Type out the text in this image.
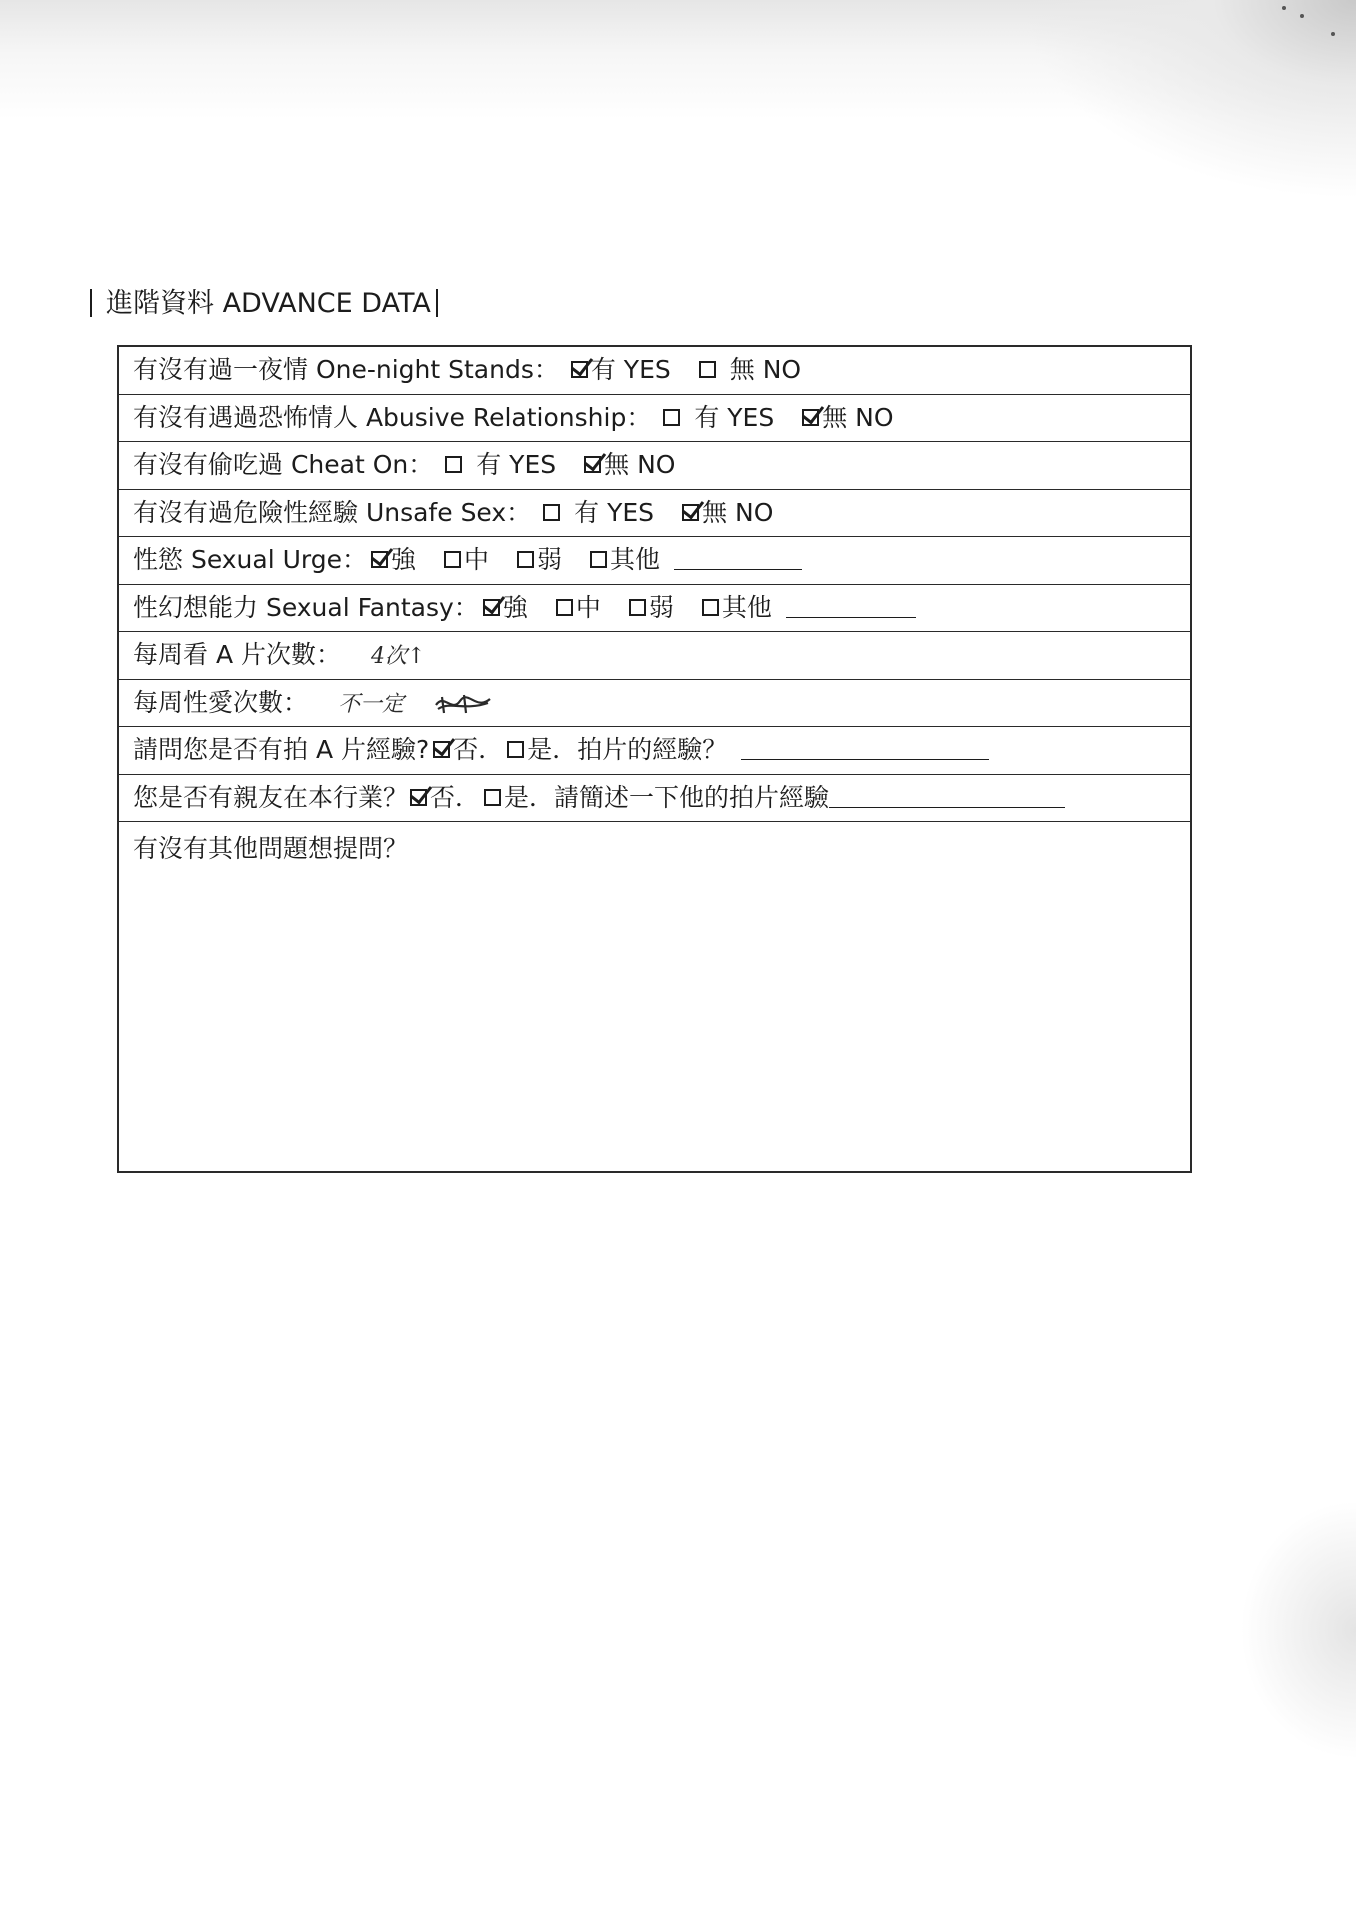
進階資料 ADVANCE DATA
有沒有過一夜情 One-night Stands： 有 YES 無 NO
有沒有遇過恐怖情人 Abusive Relationship： 有 YES 無 NO
有沒有偷吃過 Cheat On： 有 YES 無 NO
有沒有過危險性經驗 Unsafe Sex： 有 YES 無 NO
性慾 Sexual Urge： 強 中 弱 其他
性幻想能力 Sexual Fantasy： 強 中 弱 其他
每周看 A 片次數： 4次↑
每周性愛次數： 不一定
請問您是否有拍 A 片經驗? 否． 是．拍片的經驗？
您是否有親友在本行業？ 否． 是．請簡述一下他的拍片經驗
有沒有其他問題想提問？
